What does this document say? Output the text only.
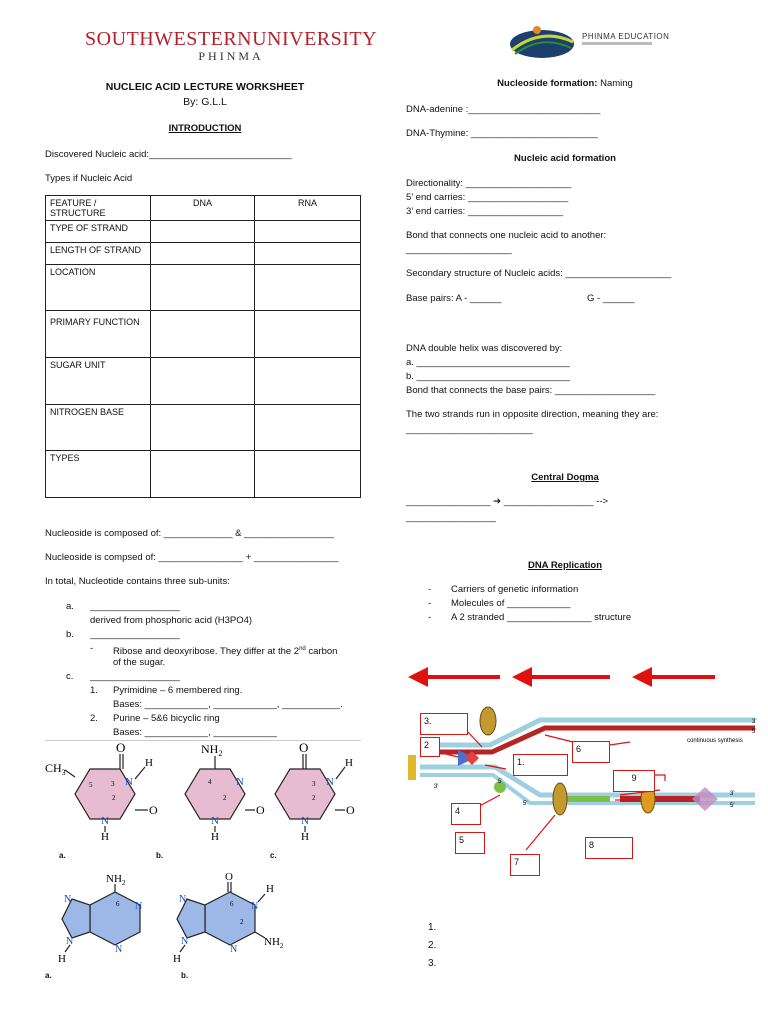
SOUTHWESTERNUNIVERSITY
PHINMA
PHINMA EDUCATION
NUCLEIC ACID LECTURE WORKSHEET
By: G.L.L
INTRODUCTION
Discovered Nucleic acid:___________________________
Types if Nucleic Acid
FEATURE / STRUCTURE	DNA	RNA
TYPE OF STRAND		
LENGTH OF STRAND		
LOCATION		
PRIMARY FUNCTION		
SUGAR UNIT		
NITROGEN BASE		
TYPES		
Nucleoside is composed of: _____________ & _________________
Nucleoside is compsed of: ________________ + ________________
In total, Nucleotide contains three sub-units:
a. _________________
derived from phosphoric acid (H3PO4)
b. _________________
- Ribose and deoxyribose. They differ at the 2nd carbon
of the sugar.
c. _________________
1. Pyrimidine – 6 membered ring.
Bases: ____________, ____________, ___________.
2. Purine – 5&6 bicyclic ring
Bases: ____________, ____________
O
3
2
5	N
H
O
N
H
$CH_3$
$NH_2$
4
2
N
O
N
H
O
3
2
N
H
O
N
H
a.	b.	c.
$NH_2$
6 N
N
N
N
H
O
6
2
N
H
$NH_2$
N
N
N
H
a.	b.
Nucleoside formation: Naming
DNA-adenine :_________________________
DNA-Thymine: ________________________
Nucleic acid formation
Directionality: ____________________
5’ end carries: ___________________
3’ end carries: __________________
Bond that connects one nucleic acid to another:
____________________
Secondary structure of Nucleic acids: ____________________
Base pairs: A - ______	G - ______
DNA double helix was discovered by:
a. _____________________________
b. _____________________________
Bond that connects the base pairs: ___________________
The two strands run in opposite direction, meaning they are:
________________________
Central Dogma
________________ ➔ _________________ -->
_________________
DNA Replication
- Carriers of genetic information
- Molecules of ____________
- A 2 stranded ________________ structure
3'
5'
3'
5'
3'
5'
5'
continuous synthesis
3.
2
1.
6
9
4
5
7
8
1.
2.
3.
